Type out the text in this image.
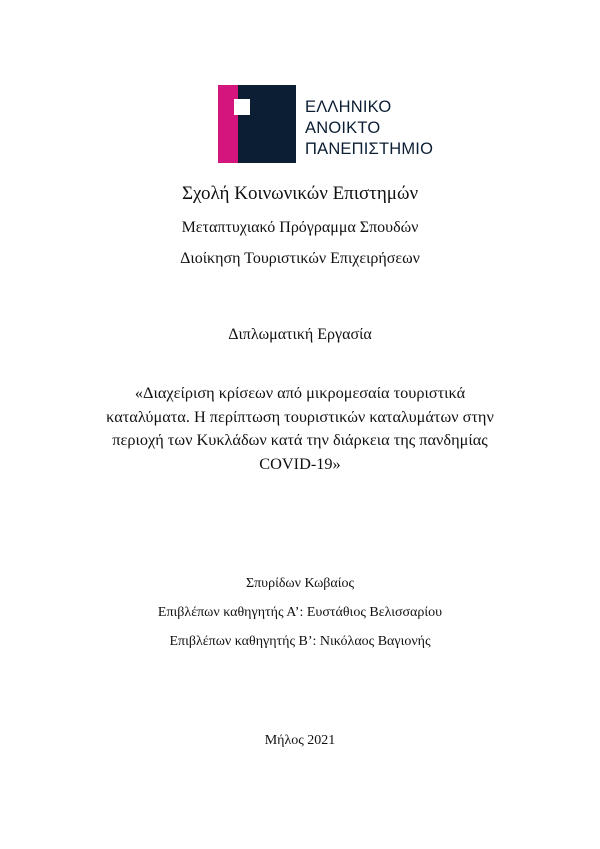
ΕΛΛΗΝΙΚΟ
ΑΝΟΙΚΤΟ
ΠΑΝΕΠΙΣΤΗΜΙΟ
Σχολή Κοινωνικών Επιστημών
Μεταπτυχιακό Πρόγραμμα Σπουδών
Διοίκηση Τουριστικών Επιχειρήσεων
Διπλωματική Εργασία
«Διαχείριση κρίσεων από μικρομεσαία τουριστικά
καταλύματα. Η περίπτωση τουριστικών καταλυμάτων στην
περιοχή των Κυκλάδων κατά την διάρκεια της πανδημίας
COVID-19»
Σπυρίδων Κωβαίος
Επιβλέπων καθηγητής Α’: Ευστάθιος Βελισσαρίου
Επιβλέπων καθηγητής Β’: Νικόλαος Βαγιονής
Μήλος 2021
